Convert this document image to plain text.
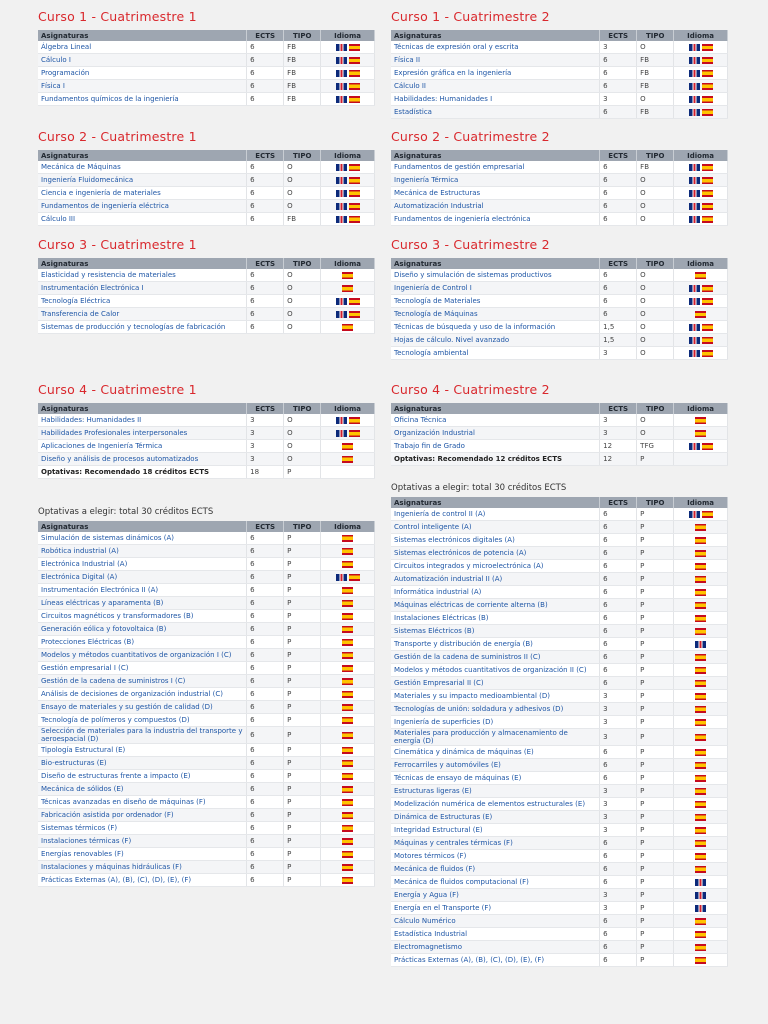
Curso 1 - Cuatrimestre 1
Asignaturas	ECTS	TIPO	Idioma
Álgebra Lineal	6	FB	
Cálculo I	6	FB	
Programación	6	FB	
Física I	6	FB	
Fundamentos químicos de la ingeniería	6	FB	
Curso 2 - Cuatrimestre 1
Asignaturas	ECTS	TIPO	Idioma
Mecánica de Máquinas	6	O	
Ingeniería Fluidomecánica	6	O	
Ciencia e ingeniería de materiales	6	O	
Fundamentos de ingeniería eléctrica	6	O	
Cálculo III	6	FB	
Curso 3 - Cuatrimestre 1
Asignaturas	ECTS	TIPO	Idioma
Elasticidad y resistencia de materiales	6	O	
Instrumentación Electrónica I	6	O	
Tecnología Eléctrica	6	O	
Transferencia de Calor	6	O	
Sistemas de producción y tecnologías de fabricación	6	O	
Curso 4 - Cuatrimestre 1
Asignaturas	ECTS	TIPO	Idioma
Habilidades: Humanidades II	3	O	
Habilidades Profesionales interpersonales	3	O	
Aplicaciones de Ingeniería Térmica	3	O	
Diseño y análisis de procesos automatizados	3	O	
Optativas: Recomendado 18 créditos ECTS	18	P	
Optativas a elegir: total 30 créditos ECTS
Asignaturas	ECTS	TIPO	Idioma
Simulación de sistemas dinámicos (A)	6	P	
Robótica industrial (A)	6	P	
Electrónica Industrial (A)	6	P	
Electrónica Digital (A)	6	P	
Instrumentación Electrónica II (A)	6	P	
Líneas eléctricas y aparamenta (B)	6	P	
Circuitos magnéticos y transformadores (B)	6	P	
Generación eólica y fotovoltaica (B)	6	P	
Protecciones Eléctricas (B)	6	P	
Modelos y métodos cuantitativos de organización I (C)	6	P	
Gestión empresarial I (C)	6	P	
Gestión de la cadena de suministros I (C)	6	P	
Análisis de decisiones de organización industrial (C)	6	P	
Ensayo de materiales y su gestión de calidad (D)	6	P	
Tecnología de polímeros y compuestos (D)	6	P	
Selección de materiales para la industria del transporte y aeroespacial (D)	6	P	
Tipología Estructural (E)	6	P	
Bio-estructuras (E)	6	P	
Diseño de estructuras frente a impacto (E)	6	P	
Mecánica de sólidos (E)	6	P	
Técnicas avanzadas en diseño de máquinas (F)	6	P	
Fabricación asistida por ordenador (F)	6	P	
Sistemas térmicos (F)	6	P	
Instalaciones térmicas (F)	6	P	
Energías renovables (F)	6	P	
Instalaciones y máquinas hidráulicas (F)	6	P	
Prácticas Externas (A), (B), (C), (D), (E), (F)	6	P	
Curso 1 - Cuatrimestre 2
Asignaturas	ECTS	TIPO	Idioma
Técnicas de expresión oral y escrita	3	O	
Física II	6	FB	
Expresión gráfica en la ingeniería	6	FB	
Cálculo II	6	FB	
Habilidades: Humanidades I	3	O	
Estadística	6	FB	
Curso 2 - Cuatrimestre 2
Asignaturas	ECTS	TIPO	Idioma
Fundamentos de gestión empresarial	6	FB	
Ingeniería Térmica	6	O	
Mecánica de Estructuras	6	O	
Automatización Industrial	6	O	
Fundamentos de ingeniería electrónica	6	O	
Curso 3 - Cuatrimestre 2
Asignaturas	ECTS	TIPO	Idioma
Diseño y simulación de sistemas productivos	6	O	
Ingeniería de Control I	6	O	
Tecnología de Materiales	6	O	
Tecnología de Máquinas	6	O	
Técnicas de búsqueda y uso de la información	1,5	O	
Hojas de cálculo. Nivel avanzado	1,5	O	
Tecnología ambiental	3	O	
Curso 4 - Cuatrimestre 2
Asignaturas	ECTS	TIPO	Idioma
Oficina Técnica	3	O	
Organización Industrial	3	O	
Trabajo fin de Grado	12	TFG	
Optativas: Recomendado 12 créditos ECTS	12	P	
Optativas a elegir: total 30 créditos ECTS
Asignaturas	ECTS	TIPO	Idioma
Ingeniería de control II (A)	6	P	
Control inteligente (A)	6	P	
Sistemas electrónicos digitales (A)	6	P	
Sistemas electrónicos de potencia (A)	6	P	
Circuitos integrados y microelectrónica (A)	6	P	
Automatización industrial II (A)	6	P	
Informática industrial (A)	6	P	
Máquinas eléctricas de corriente alterna (B)	6	P	
Instalaciones Eléctricas (B)	6	P	
Sistemas Eléctricos (B)	6	P	
Transporte y distribución de energía (B)	6	P	
Gestión de la cadena de suministros II (C)	6	P	
Modelos y métodos cuantitativos de organización II (C)	6	P	
Gestión Empresarial II (C)	6	P	
Materiales y su impacto medioambiental (D)	3	P	
Tecnologías de unión: soldadura y adhesivos (D)	3	P	
Ingeniería de superficies (D)	3	P	
Materiales para producción y almacenamiento de energía (D)	3	P	
Cinemática y dinámica de máquinas (E)	6	P	
Ferrocarriles y automóviles (E)	6	P	
Técnicas de ensayo de máquinas (E)	6	P	
Estructuras ligeras (E)	3	P	
Modelización numérica de elementos estructurales (E)	3	P	
Dinámica de Estructuras (E)	3	P	
Integridad Estructural (E)	3	P	
Máquinas y centrales térmicas (F)	6	P	
Motores térmicos (F)	6	P	
Mecánica de fluidos (F)	6	P	
Mecánica de fluidos computacional (F)	6	P	
Energía y Agua (F)	3	P	
Energía en el Transporte (F)	3	P	
Cálculo Numérico	6	P	
Estadística Industrial	6	P	
Electromagnetismo	6	P	
Prácticas Externas (A), (B), (C), (D), (E), (F)	6	P	
